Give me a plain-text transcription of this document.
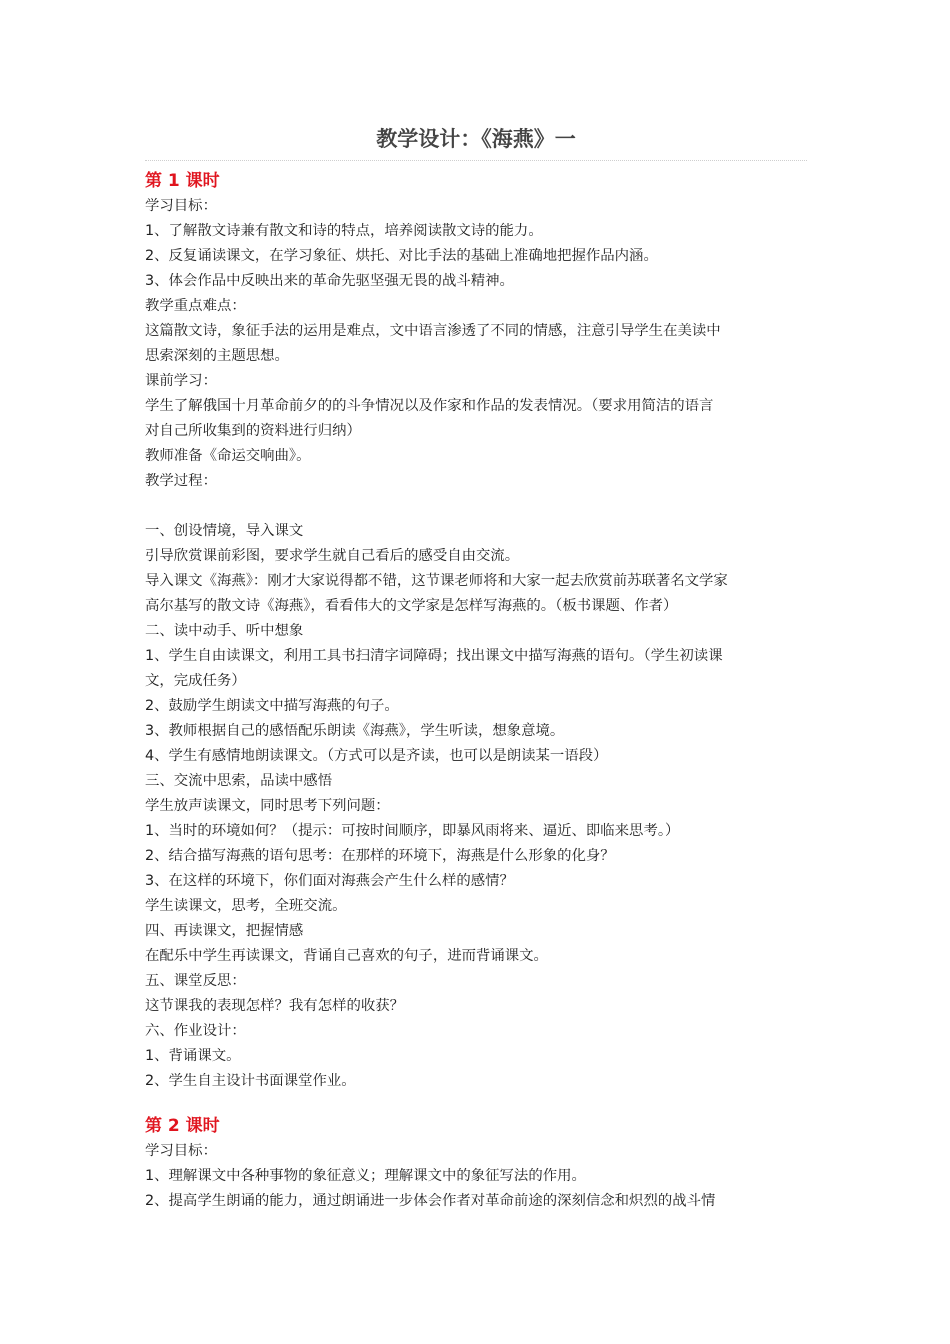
教学设计：《海燕》一
第 1 课时

学习目标：

1、了解散文诗兼有散文和诗的特点，培养阅读散文诗的能力。

2、反复诵读课文，在学习象征、烘托、对比手法的基础上准确地把握作品内涵。

3、体会作品中反映出来的革命先驱坚强无畏的战斗精神。

教学重点难点：

这篇散文诗，象征手法的运用是难点，文中语言渗透了不同的情感，注意引导学生在美读中

思索深刻的主题思想。

课前学习：

学生了解俄国十月革命前夕的的斗争情况以及作家和作品的发表情况。（要求用简洁的语言

对自己所收集到的资料进行归纳）

教师准备《命运交响曲》。

教学过程：

一、创设情境，导入课文

引导欣赏课前彩图，要求学生就自己看后的感受自由交流。

导入课文《海燕》：刚才大家说得都不错，这节课老师将和大家一起去欣赏前苏联著名文学家

高尔基写的散文诗《海燕》，看看伟大的文学家是怎样写海燕的。（板书课题、作者）

二、读中动手、听中想象

1、学生自由读课文，利用工具书扫清字词障碍；找出课文中描写海燕的语句。（学生初读课

文，完成任务）

2、鼓励学生朗读文中描写海燕的句子。

3、教师根据自己的感悟配乐朗读《海燕》，学生听读，想象意境。

4、学生有感情地朗读课文。（方式可以是齐读，也可以是朗读某一语段）

三、交流中思索，品读中感悟

学生放声读课文，同时思考下列问题：

1、当时的环境如何？（提示：可按时间顺序，即暴风雨将来、逼近、即临来思考。）

2、结合描写海燕的语句思考：在那样的环境下，海燕是什么形象的化身？

3、在这样的环境下，你们面对海燕会产生什么样的感情？

学生读课文，思考，全班交流。

四、再读课文，把握情感

在配乐中学生再读课文，背诵自己喜欢的句子，进而背诵课文。

五、课堂反思：

这节课我的表现怎样？我有怎样的收获？

六、作业设计：

1、背诵课文。

2、学生自主设计书面课堂作业。

第 2 课时

学习目标：

1、理解课文中各种事物的象征意义；理解课文中的象征写法的作用。

2、提高学生朗诵的能力，通过朗诵进一步体会作者对革命前途的深刻信念和炽烈的战斗情
